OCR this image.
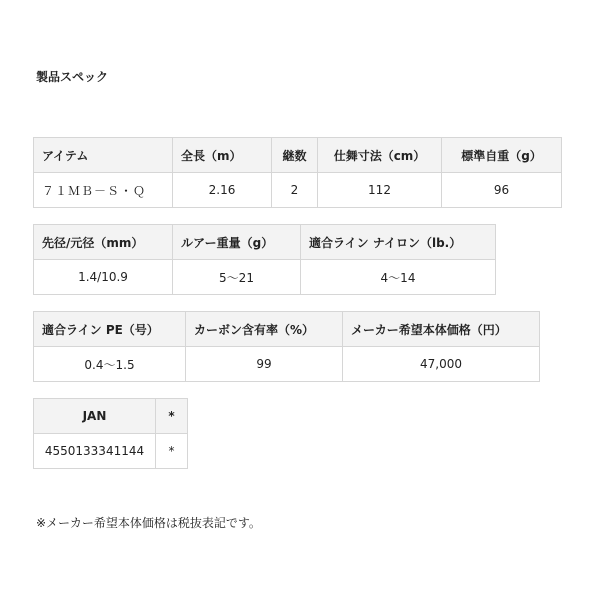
製品スペック
アイテム	全長（m）	継数	仕舞寸法（cm）	標準自重（g）
７１ＭＢ－Ｓ・Ｑ	2.16	2	112	96
先径/元径（mm）	ルアー重量（g）	適合ライン ナイロン（lb.）
1.4/10.9	5〜21	4〜14
適合ライン PE（号）	カーボン含有率（%）	メーカー希望本体価格（円）
0.4〜1.5	99	47,000
JAN	*
4550133341144	*
※メーカー希望本体価格は税抜表記です。
